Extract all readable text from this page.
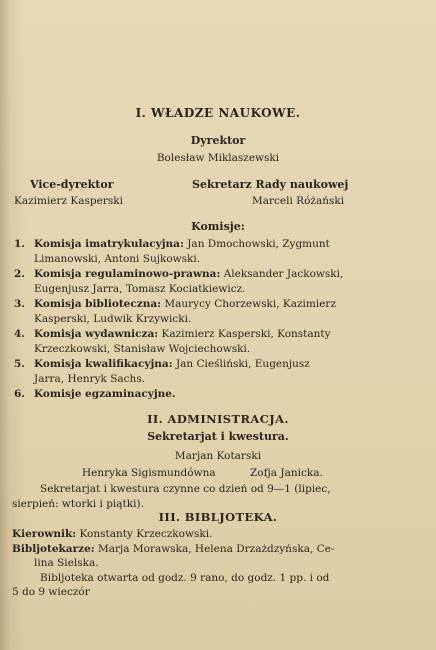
I. WŁADZE NAUKOWE.
Dyrektor
Bolesław Miklaszewski
Vice-dyrektor
Kazimierz Kasperski
Sekretarz Rady naukowej
Marceli Różański
Komisje:
1. Komisja imatrykulacyjna: Jan Dmochowski, Zygmunt
Limanowski, Antoni Sujkowski.
2. Komisja regulaminowo-prawna: Aleksander Jackowski,
Eugenjusz Jarra, Tomasz Kociatkiewicz.
3. Komisja biblioteczna: Maurycy Chorzewski, Kazimierz
Kasperski, Ludwik Krzywicki.
4. Komisja wydawnicza: Kazimierz Kasperski, Konstanty
Krzeczkowski, Stanisław Wojciechowski.
5. Komisja kwalifikacyjna: Jan Cieśliński, Eugenjusz
Jarra, Henryk Sachs.
6. Komisje egzaminacyjne.
II. ADMINISTRACJA.
Sekretarjat i kwestura.
Marjan Kotarski
Henryka Sigismundówna	Zofja Janicka.
Sekretarjat i kwestura czynne co dzień od 9—1 (lipiec,
sierpień: wtorki i piątki).
III. BIBLJOTEKA.
Kierownik: Konstanty Krzeczkowski.
Bibljotekarze: Marja Morawska, Helena Drzażdzyńska, Ce-
lina Sielska.
Bibljoteka otwarta od godz. 9 rano, do godz. 1 pp. i od
5 do 9 wieczór
